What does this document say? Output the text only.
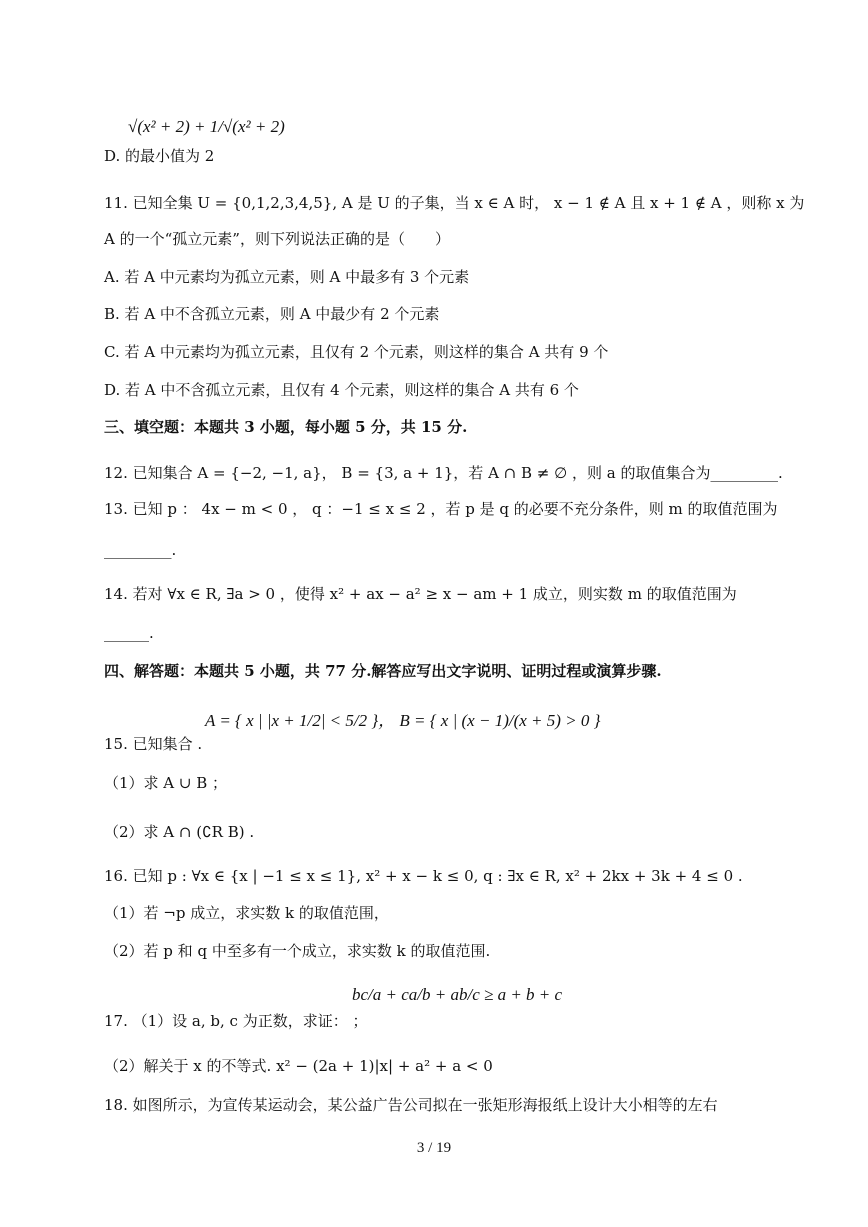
√(x² + 2) + 1/√(x² + 2)
D. 的最小值为 2
11. 已知全集 U = {0,1,2,3,4,5}, A 是 U 的子集，当 x ∈ A 时， x − 1 ∉ A 且 x + 1 ∉ A ，则称 x 为
A 的一个“孤立元素”，则下列说法正确的是（　　）
A. 若 A 中元素均为孤立元素，则 A 中最多有 3 个元素
B. 若 A 中不含孤立元素，则 A 中最少有 2 个元素
C. 若 A 中元素均为孤立元素，且仅有 2 个元素，则这样的集合 A 共有 9 个
D. 若 A 中不含孤立元素，且仅有 4 个元素，则这样的集合 A 共有 6 个
三、填空题：本题共 3 小题，每小题 5 分，共 15 分.
12. 已知集合 A = {−2, −1, a}， B = {3, a + 1}，若 A ∩ B ≠ ∅ ，则 a 的取值集合为_________.
13. 已知 p ： 4x − m < 0 ， q ：−1 ≤ x ≤ 2 ，若 p 是 q 的必要不充分条件，则 m 的取值范围为
_________.
14. 若对 ∀x ∈ R, ∃a > 0 ，使得 x² + ax − a² ≥ x − am + 1 成立，则实数 m 的取值范围为
______.
四、解答题：本题共 5 小题，共 77 分.解答应写出文字说明、证明过程或演算步骤.
A = { x | |x + 1/2| < 5/2 }， B = { x | (x − 1)/(x + 5) > 0 }
15. 已知集合 .
（1）求 A ∪ B ；
（2）求 A ∩ (∁R B) .
16. 已知 p : ∀x ∈ {x | −1 ≤ x ≤ 1}, x² + x − k ≤ 0, q : ∃x ∈ R, x² + 2kx + 3k + 4 ≤ 0 .
（1）若 ¬p 成立，求实数 k 的取值范围，
（2）若 p 和 q 中至多有一个成立，求实数 k 的取值范围.
bc/a + ca/b + ab/c ≥ a + b + c
17. （1）设 a, b, c 为正数，求证： ；
（2）解关于 x 的不等式. x² − (2a + 1)|x| + a² + a < 0
18. 如图所示，为宣传某运动会，某公益广告公司拟在一张矩形海报纸上设计大小相等的左右
3 / 19
